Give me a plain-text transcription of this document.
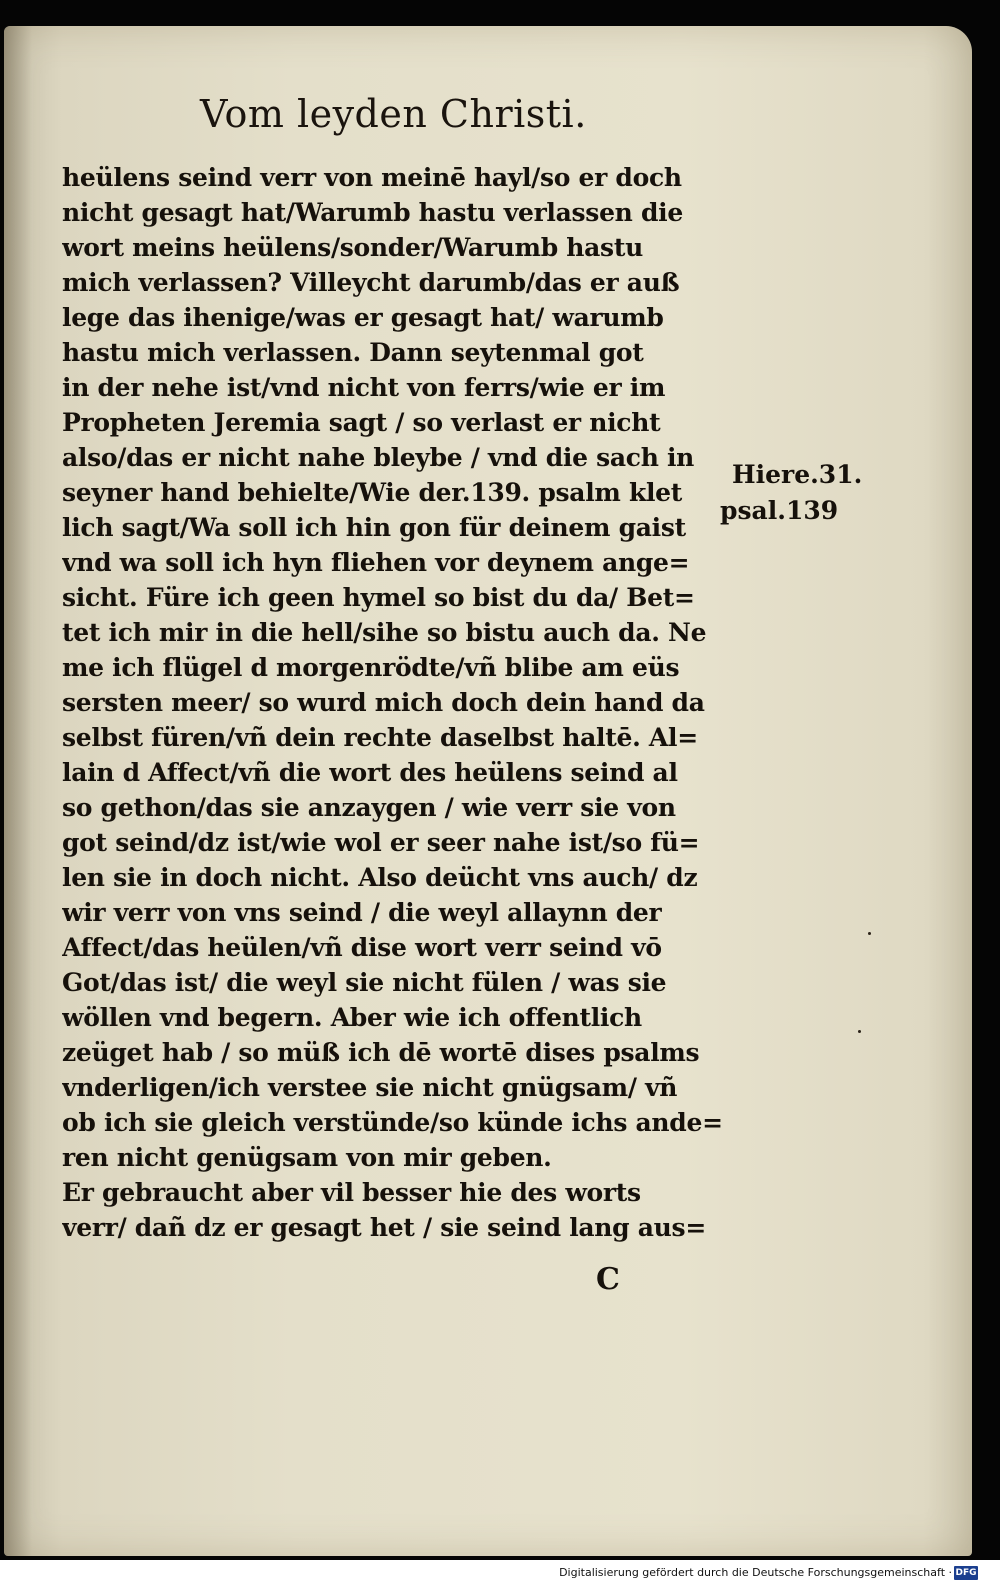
Vom leyden Christi.
heülens seind verr von meinē hayl/so er doch
nicht gesagt hat/Warumb hastu verlassen die
wort meins heülens/sonder/Warumb hastu
mich verlassen? Villeycht darumb/das er auß
lege das ihenige/was er gesagt hat/ warumb
hastu mich verlassen. Dann seytenmal got
in der nehe ist/vnd nicht von ferrs/wie er im
Propheten Jeremia sagt / so verlast er nicht
also/das er nicht nahe bleybe / vnd die sach in
seyner hand behielte/Wie der.139. psalm klet
lich sagt/Wa soll ich hin gon für deinem gaist
vnd wa soll ich hyn fliehen vor deynem ange=
sicht. Füre ich geen hymel so bist du da/ Bet=
tet ich mir in die hell/sihe so bistu auch da. Ne
me ich flügel d morgenrödte/vñ blibe am eüs
sersten meer/ so wurd mich doch dein hand da
selbst füren/vñ dein rechte daselbst haltē. Al=
lain d Affect/vñ die wort des heülens seind al
so gethon/das sie anzaygen / wie verr sie von
got seind/dz ist/wie wol er seer nahe ist/so fü=
len sie in doch nicht. Also deücht vns auch/ dz
wir verr von vns seind / die weyl allaynn der
Affect/das heülen/vñ dise wort verr seind vō
Got/das ist/ die weyl sie nicht fülen / was sie
wöllen vnd begern. Aber wie ich offentlich
zeüget hab / so müß ich dē wortē dises psalms
vnderligen/ich verstee sie nicht gnügsam/ vñ
ob ich sie gleich verstünde/so künde ichs ande=
ren nicht genügsam von mir geben.
Er gebraucht aber vil besser hie des worts
verr/ dañ dz er gesagt het / sie seind lang aus=
Hiere.31.
psal.139
C
Digitalisierung gefördert durch die Deutsche Forschungsgemeinschaft · DFG
